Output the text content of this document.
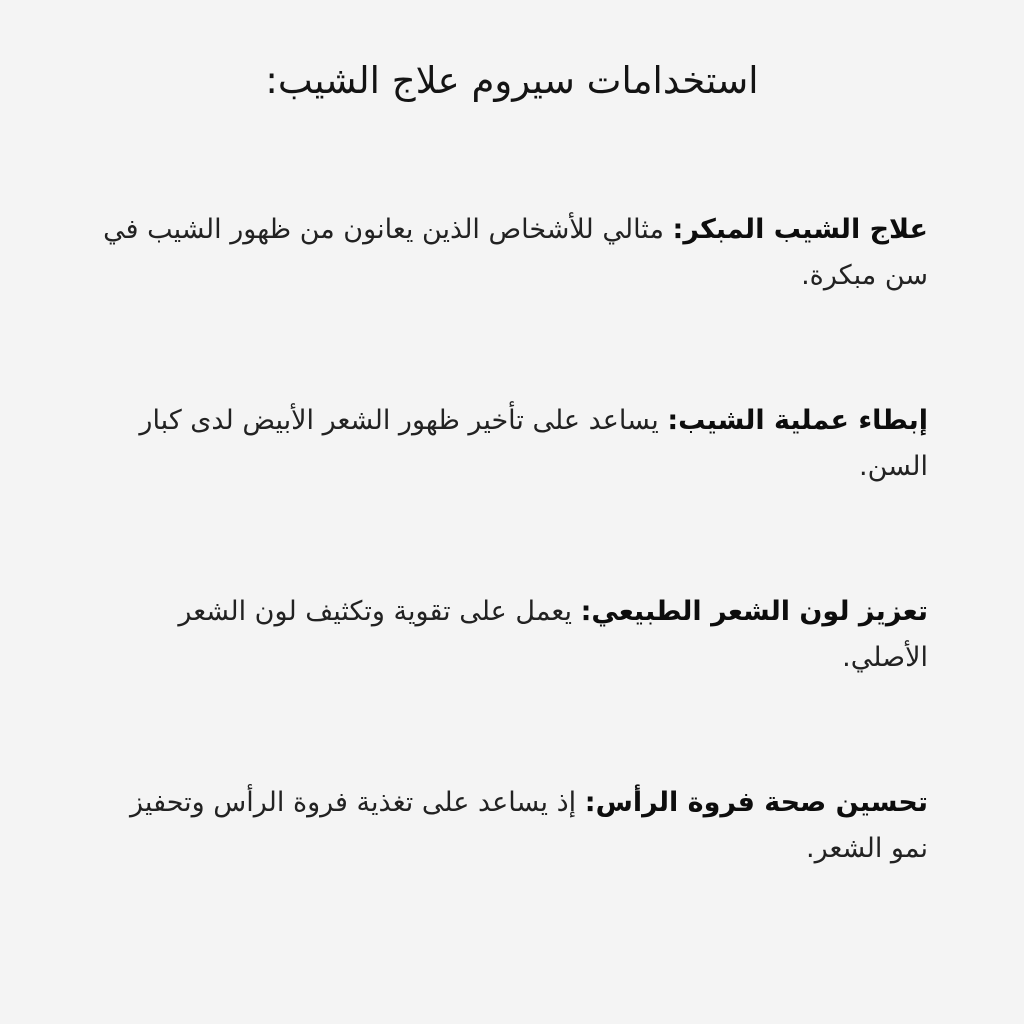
استخدامات سيروم علاج الشيب:

علاج الشيب المبكر: مثالي للأشخاص الذين يعانون من ظهور الشيب في سن مبكرة.

إبطاء عملية الشيب: يساعد على تأخير ظهور الشعر الأبيض لدى كبار السن.

تعزيز لون الشعر الطبيعي: يعمل على تقوية وتكثيف لون الشعر الأصلي.

تحسين صحة فروة الرأس: إذ يساعد على تغذية فروة الرأس وتحفيز نمو الشعر.
